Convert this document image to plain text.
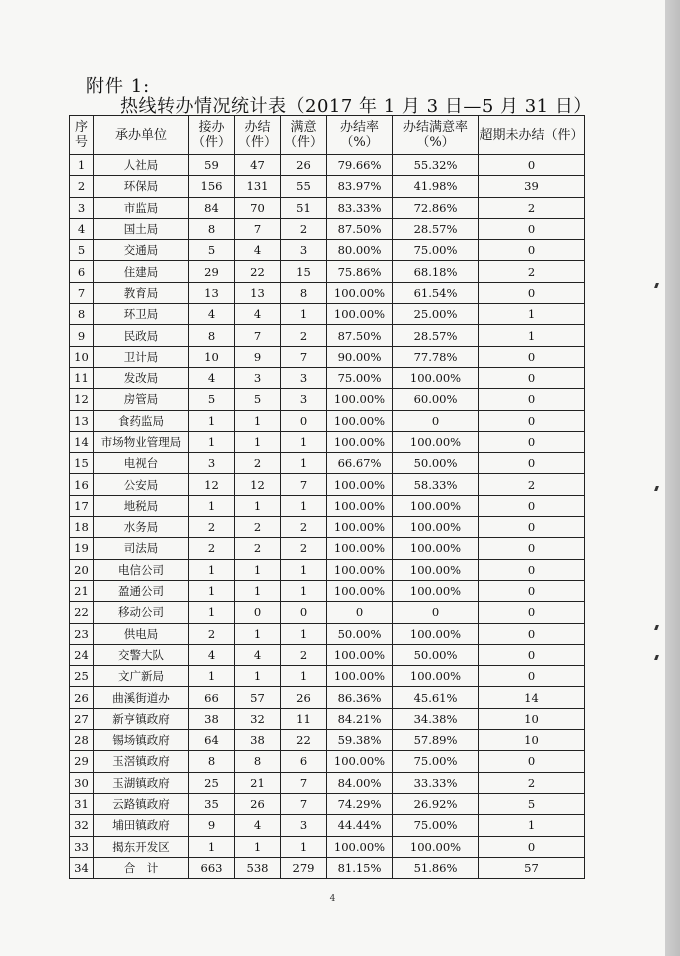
附件 1:
热线转办情况统计表（2017 年 1 月 3 日—5 月 31 日）
序号	承办单位	接办（件）	办结（件）	满意（件）	办结率（%）	办结满意率（%）	超期未办结（件）
1	人社局	59	47	26	79.66%	55.32%	0
2	环保局	156	131	55	83.97%	41.98%	39
3	市监局	84	70	51	83.33%	72.86%	2
4	国土局	8	7	2	87.50%	28.57%	0
5	交通局	5	4	3	80.00%	75.00%	0
6	住建局	29	22	15	75.86%	68.18%	2
7	教育局	13	13	8	100.00%	61.54%	0
8	环卫局	4	4	1	100.00%	25.00%	1
9	民政局	8	7	2	87.50%	28.57%	1
10	卫计局	10	9	7	90.00%	77.78%	0
11	发改局	4	3	3	75.00%	100.00%	0
12	房管局	5	5	3	100.00%	60.00%	0
13	食药监局	1	1	0	100.00%	0	0
14	市场物业管理局	1	1	1	100.00%	100.00%	0
15	电视台	3	2	1	66.67%	50.00%	0
16	公安局	12	12	7	100.00%	58.33%	2
17	地税局	1	1	1	100.00%	100.00%	0
18	水务局	2	2	2	100.00%	100.00%	0
19	司法局	2	2	2	100.00%	100.00%	0
20	电信公司	1	1	1	100.00%	100.00%	0
21	盈通公司	1	1	1	100.00%	100.00%	0
22	移动公司	1	0	0	0	0	0
23	供电局	2	1	1	50.00%	100.00%	0
24	交警大队	4	4	2	100.00%	50.00%	0
25	文广新局	1	1	1	100.00%	100.00%	0
26	曲溪街道办	66	57	26	86.36%	45.61%	14
27	新亨镇政府	38	32	11	84.21%	34.38%	10
28	锡场镇政府	64	38	22	59.38%	57.89%	10
29	玉滘镇政府	8	8	6	100.00%	75.00%	0
30	玉湖镇政府	25	21	7	84.00%	33.33%	2
31	云路镇政府	35	26	7	74.29%	26.92%	5
32	埔田镇政府	9	4	3	44.44%	75.00%	1
33	揭东开发区	1	1	1	100.00%	100.00%	0
34	合　计	663	538	279	81.15%	51.86%	57
4
